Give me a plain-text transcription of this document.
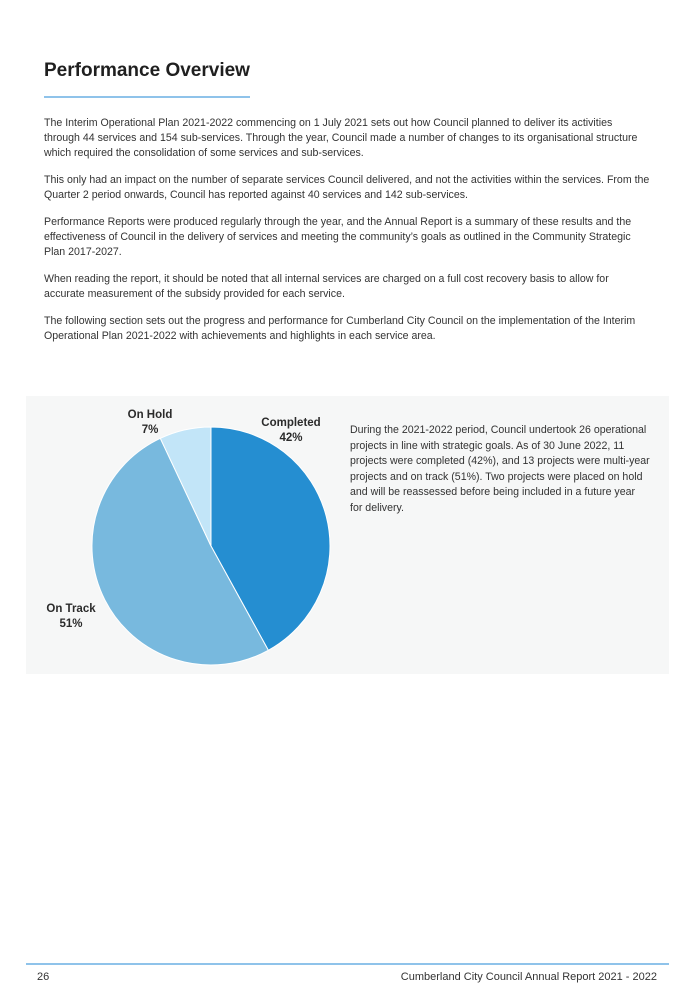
Performance Overview

The Interim Operational Plan 2021-2022 commencing on 1 July 2021 sets out how Council planned to deliver its activities through 44 services and 154 sub-services. Through the year, Council made a number of changes to its organisational structure which required the consolidation of some services and sub-services.

This only had an impact on the number of separate services Council delivered, and not the activities within the services. From the Quarter 2 period onwards, Council has reported against 40 services and 142 sub-services.

Performance Reports were produced regularly through the year, and the Annual Report is a summary of these results and the effectiveness of Council in the delivery of services and meeting the community’s goals as outlined in the Community Strategic Plan 2017-2027.

When reading the report, it should be noted that all internal services are charged on a full cost recovery basis to allow for accurate measurement of the subsidy provided for each service.

The following section sets out the progress and performance for Cumberland City Council on the implementation of the Interim Operational Plan 2021-2022 with achievements and highlights in each service area.

Completed
42%
On Track
51%
On Hold
7%	During the 2021-2022 period, Council undertook 26 operational projects in line with strategic goals. As of 30 June 2022, 11 projects were completed (42%), and 13 projects were multi-year projects and on track (51%). Two projects were placed on hold and will be reassessed before being included in a future year for delivery.

26	Cumberland City Council Annual Report 2021 - 2022
